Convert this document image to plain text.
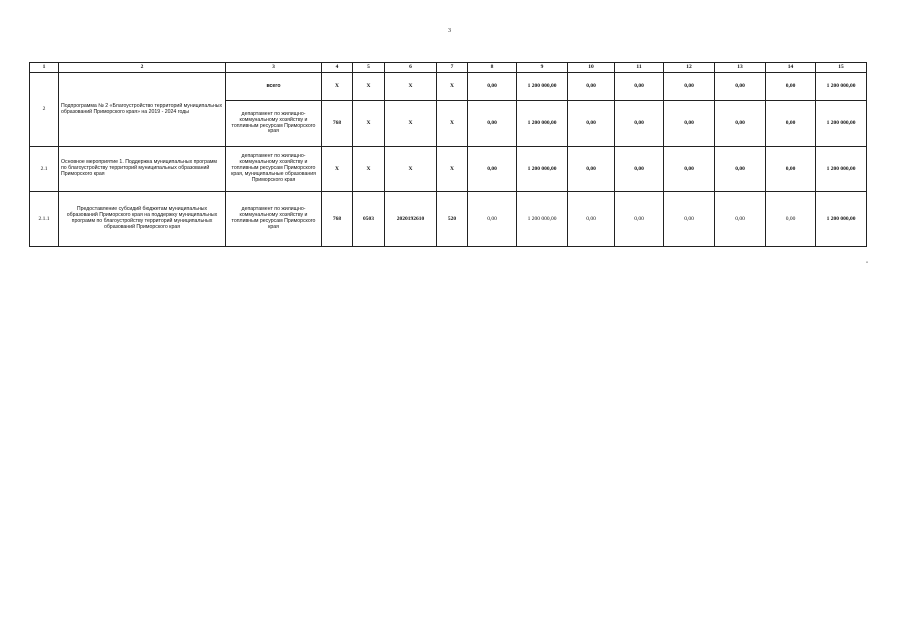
3
1	2	3	4	5	6	7	8	9	10	11	12	13	14	15
2	Подпрограмма № 2 «Благоустройство территорий муниципальных образований Приморского края» на 2019 - 2024 годы	всего	X	X	X	X	0,00	1 200 000,00	0,00	0,00	0,00	0,00	0,00	1 200 000,00
		департамент по жилищно-коммунальному хозяйству и топливным ресурсам Приморского края	768	X	X	X	0,00	1 200 000,00	0,00	0,00	0,00	0,00	0,00	1 200 000,00
2.1	Основное мероприятие 1. Поддержка муниципальных программ по благоустройству территорий муниципальных образований Приморского края	департамент по жилищно-коммунальному хозяйству и топливным ресурсам Приморского края, муниципальные образования Приморского края	X	X	X	X	0,00	1 200 000,00	0,00	0,00	0,00	0,00	0,00	1 200 000,00
2.1.1	Предоставление субсидий бюджетам муниципальных образований Приморского края на поддержку муниципальных программ по благоустройству территорий муниципальных образований Приморского края	департамент по жилищно-коммунальному хозяйству и топливным ресурсам Приморского края	768	0503	2020192610	520	0,00	1 200 000,00	0,00	0,00	0,00	0,00	0,00	1 200 000,00
»
